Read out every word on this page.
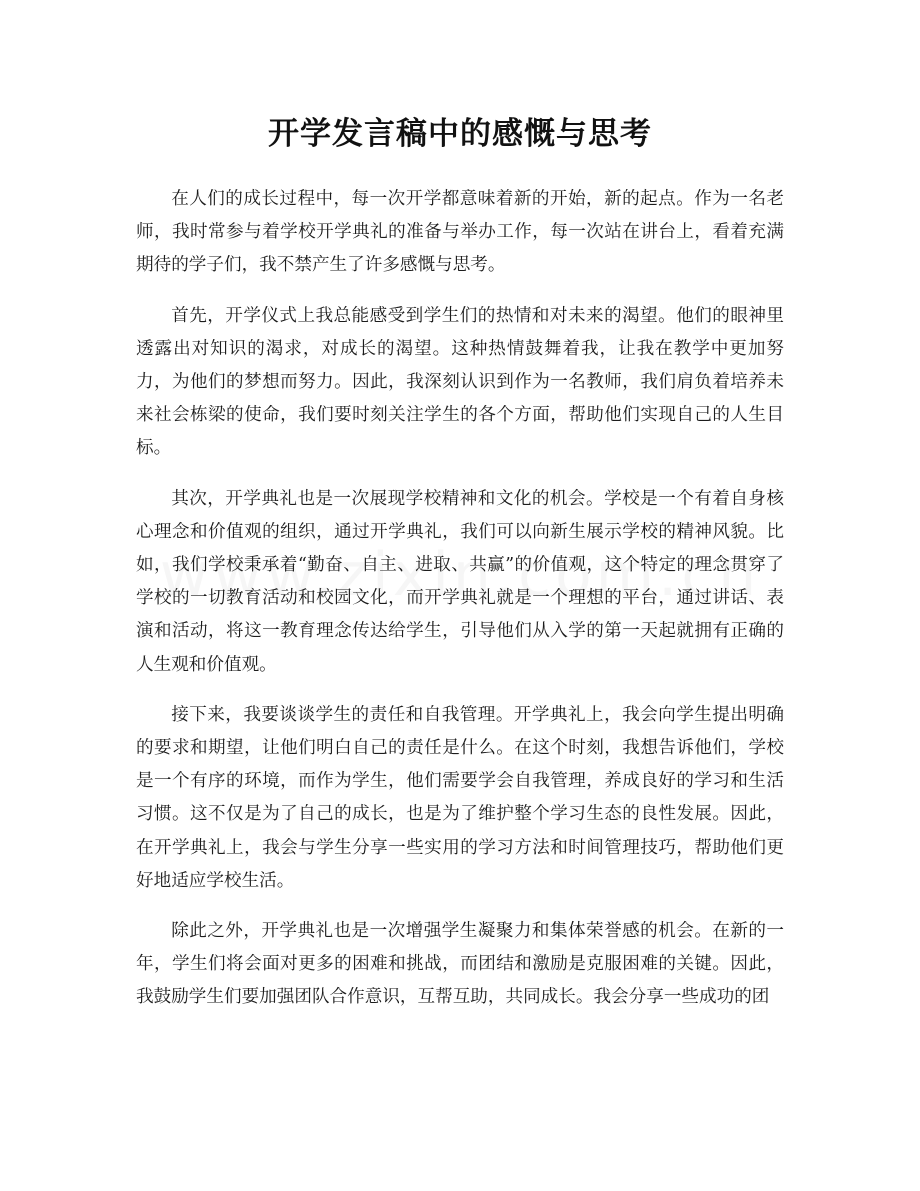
开学发言稿中的感慨与思考

在人们的成长过程中，每一次开学都意味着新的开始，新的起点。作为一名老师，我时常参与着学校开学典礼的准备与举办工作，每一次站在讲台上，看着充满期待的学子们，我不禁产生了许多感慨与思考。

首先，开学仪式上我总能感受到学生们的热情和对未来的渴望。他们的眼神里透露出对知识的渴求，对成长的渴望。这种热情鼓舞着我，让我在教学中更加努力，为他们的梦想而努力。因此，我深刻认识到作为一名教师，我们肩负着培养未来社会栋梁的使命，我们要时刻关注学生的各个方面，帮助他们实现自己的人生目标。

其次，开学典礼也是一次展现学校精神和文化的机会。学校是一个有着自身核心理念和价值观的组织，通过开学典礼，我们可以向新生展示学校的精神风貌。比如，我们学校秉承着“勤奋、自主、进取、共赢”的价值观，这个特定的理念贯穿了学校的一切教育活动和校园文化，而开学典礼就是一个理想的平台，通过讲话、表演和活动，将这一教育理念传达给学生，引导他们从入学的第一天起就拥有正确的人生观和价值观。

接下来，我要谈谈学生的责任和自我管理。开学典礼上，我会向学生提出明确的要求和期望，让他们明白自己的责任是什么。在这个时刻，我想告诉他们，学校是一个有序的环境，而作为学生，他们需要学会自我管理，养成良好的学习和生活习惯。这不仅是为了自己的成长，也是为了维护整个学习生态的良性发展。因此，在开学典礼上，我会与学生分享一些实用的学习方法和时间管理技巧，帮助他们更好地适应学校生活。

除此之外，开学典礼也是一次增强学生凝聚力和集体荣誉感的机会。在新的一年，学生们将会面对更多的困难和挑战，而团结和激励是克服困难的关键。因此，我鼓励学生们要加强团队合作意识，互帮互助，共同成长。我会分享一些成功的团
